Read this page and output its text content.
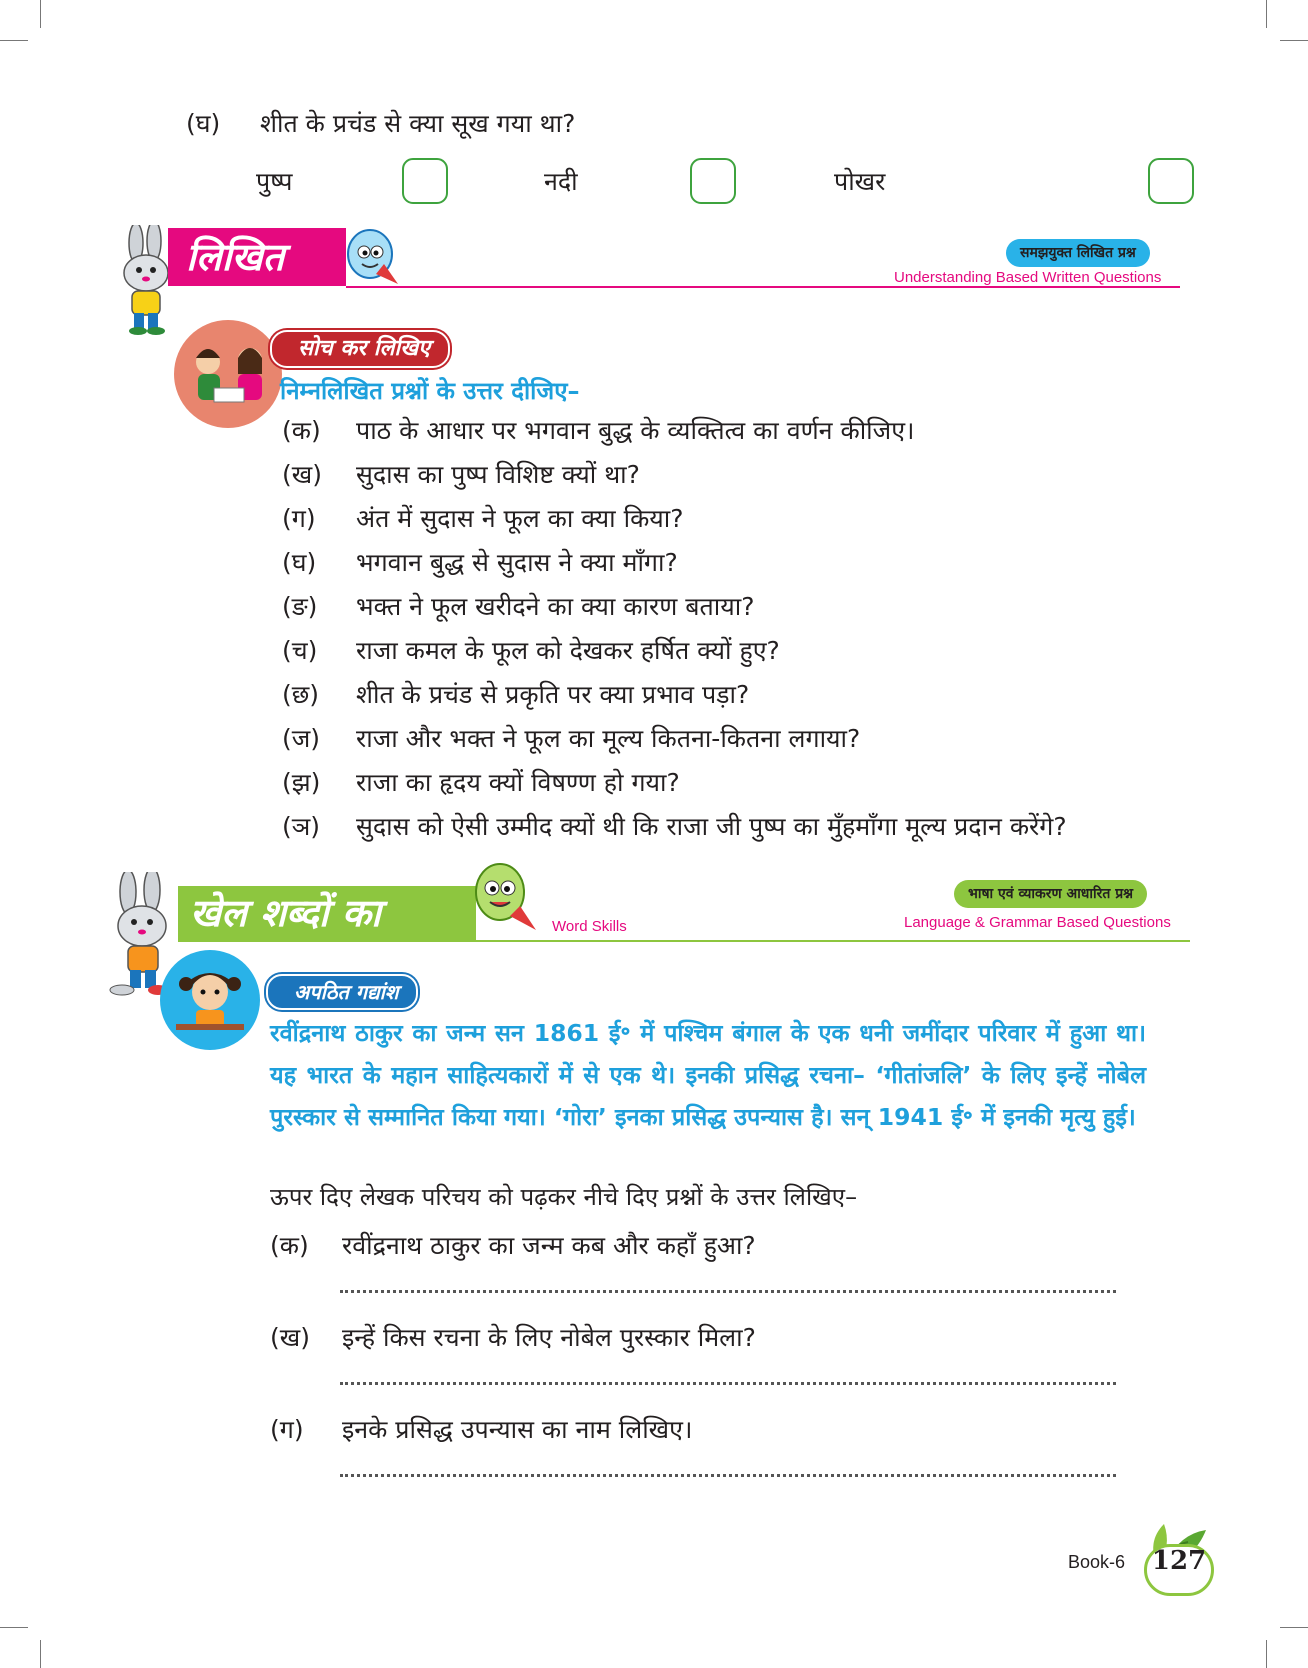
(घ) शीत के प्रचंड से क्या सूख गया था?
पुष्प	नदी	पोखर
लिखित	समझयुक्त लिखित प्रश्न
Understanding Based Written Questions
सोच कर लिखिए
निम्नलिखित प्रश्नों के उत्तर दीजिए–
(क) पाठ के आधार पर भगवान बुद्ध के व्यक्तित्व का वर्णन कीजिए।
(ख) सुदास का पुष्प विशिष्ट क्यों था?
(ग) अंत में सुदास ने फूल का क्या किया?
(घ) भगवान बुद्ध से सुदास ने क्या माँगा?
(ङ) भक्त ने फूल खरीदने का क्या कारण बताया?
(च) राजा कमल के फूल को देखकर हर्षित क्यों हुए?
(छ) शीत के प्रचंड से प्रकृति पर क्या प्रभाव पड़ा?
(ज) राजा और भक्त ने फूल का मूल्य कितना-कितना लगाया?
(झ) राजा का हृदय क्यों विषण्ण हो गया?
(ञ) सुदास को ऐसी उम्मीद क्यों थी कि राजा जी पुष्प का मुँहमाँगा मूल्य प्रदान करेंगे?
खेल शब्दों का	Word Skills
भाषा एवं व्याकरण आधारित प्रश्न
Language & Grammar Based Questions
अपठित गद्यांश
रवींद्रनाथ ठाकुर का जन्म सन 1861 ई॰ में पश्चिम बंगाल के एक धनी जमींदार परिवार में हुआ था। यह भारत के महान साहित्यकारों में से एक थे। इनकी प्रसिद्ध रचना– ‘गीतांजलि’ के लिए इन्हें नोबेल पुरस्कार से सम्मानित किया गया। ‘गोरा’ इनका प्रसिद्ध उपन्यास है। सन् 1941 ई॰ में इनकी मृत्यु हुई।
ऊपर दिए लेखक परिचय को पढ़कर नीचे दिए प्रश्नों के उत्तर लिखिए–
(क) रवींद्रनाथ ठाकुर का जन्म कब और कहाँ हुआ?
(ख) इन्हें किस रचना के लिए नोबेल पुरस्कार मिला?
(ग) इनके प्रसिद्ध उपन्यास का नाम लिखिए।
Book-6	127
